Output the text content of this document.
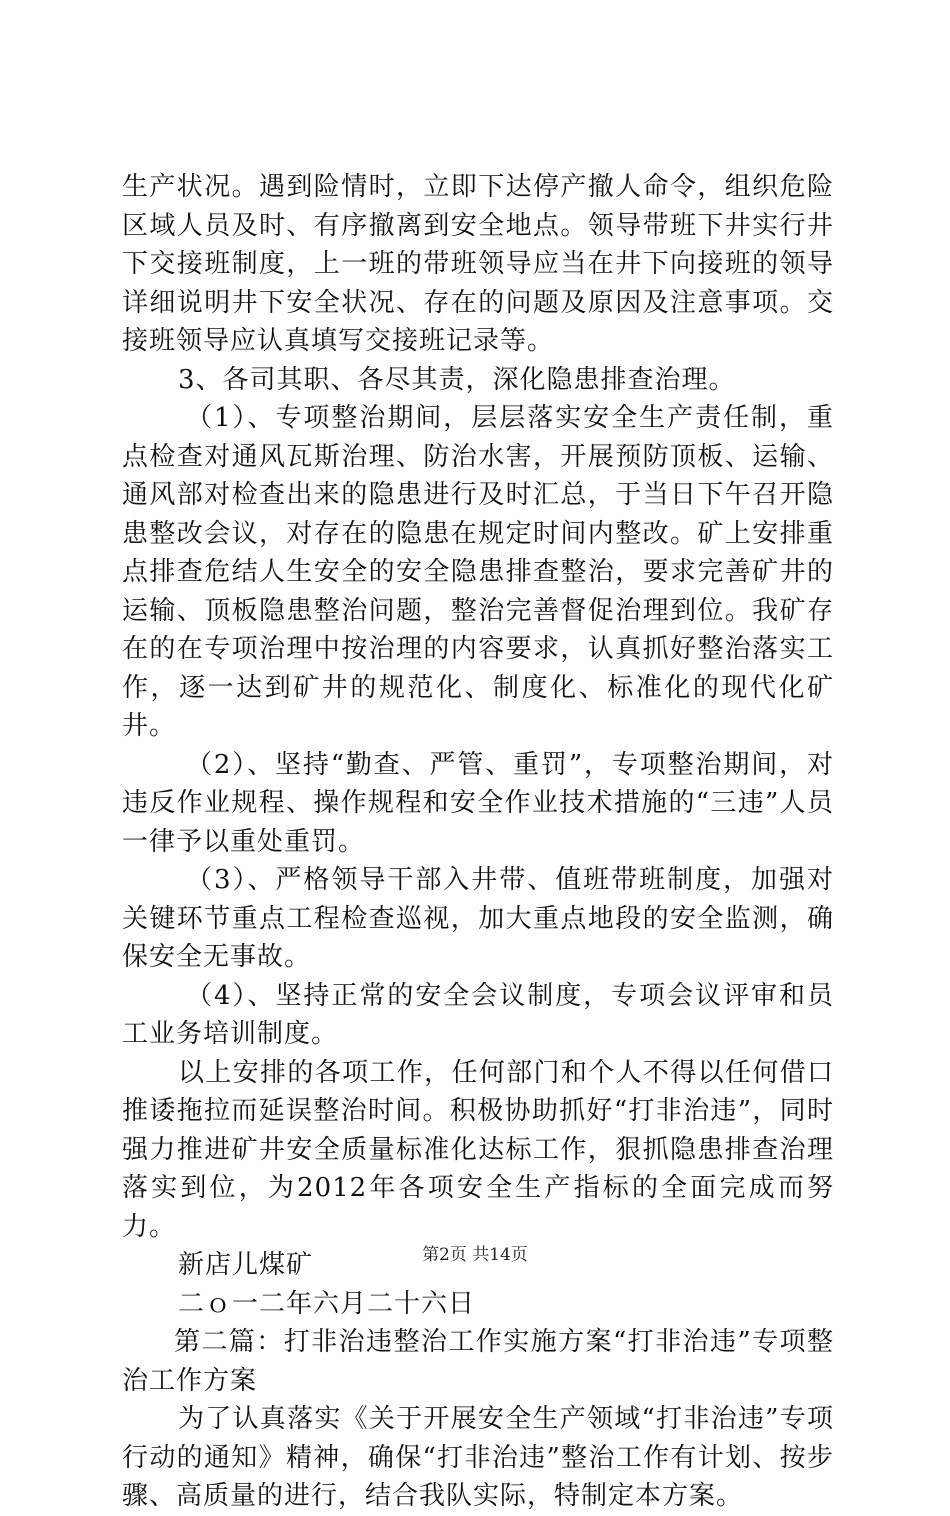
生产状况。遇到险情时，立即下达停产撤人命令，组织危险区域人员及时、有序撤离到安全地点。领导带班下井实行井下交接班制度，上一班的带班领导应当在井下向接班的领导详细说明井下安全状况、存在的问题及原因及注意事项。交接班领导应认真填写交接班记录等。

3、各司其职、各尽其责，深化隐患排查治理。

（1）、专项整治期间，层层落实安全生产责任制，重点检查对通风瓦斯治理、防治水害，开展预防顶板、运输、通风部对检查出来的隐患进行及时汇总，于当日下午召开隐患整改会议，对存在的隐患在规定时间内整改。矿上安排重点排查危结人生安全的安全隐患排查整治，要求完善矿井的运输、顶板隐患整治问题，整治完善督促治理到位。我矿存在的在专项治理中按治理的内容要求，认真抓好整治落实工作，逐一达到矿井的规范化、制度化、标准化的现代化矿井。

（2）、坚持“勤查、严管、重罚”，专项整治期间，对违反作业规程、操作规程和安全作业技术措施的“三违”人员一律予以重处重罚。

（3）、严格领导干部入井带、值班带班制度，加强对关键环节重点工程检查巡视，加大重点地段的安全监测，确保安全无事故。

（4）、坚持正常的安全会议制度，专项会议评审和员工业务培训制度。

以上安排的各项工作，任何部门和个人不得以任何借口推诿拖拉而延误整治时间。积极协助抓好“打非治违”，同时强力推进矿井安全质量标准化达标工作，狠抓隐患排查治理落实到位，为2012年各项安全生产指标的全面完成而努力。

新店儿煤矿

二ｏ一二年六月二十六日

第二篇：打非治违整治工作实施方案“打非治违”专项整治工作方案

为了认真落实《关于开展安全生产领域“打非治违”专项行动的通知》精神，确保“打非治违”整治工作有计划、按步骤、高质量的进行，结合我队实际，特制定本方案。

第2页 共14页
